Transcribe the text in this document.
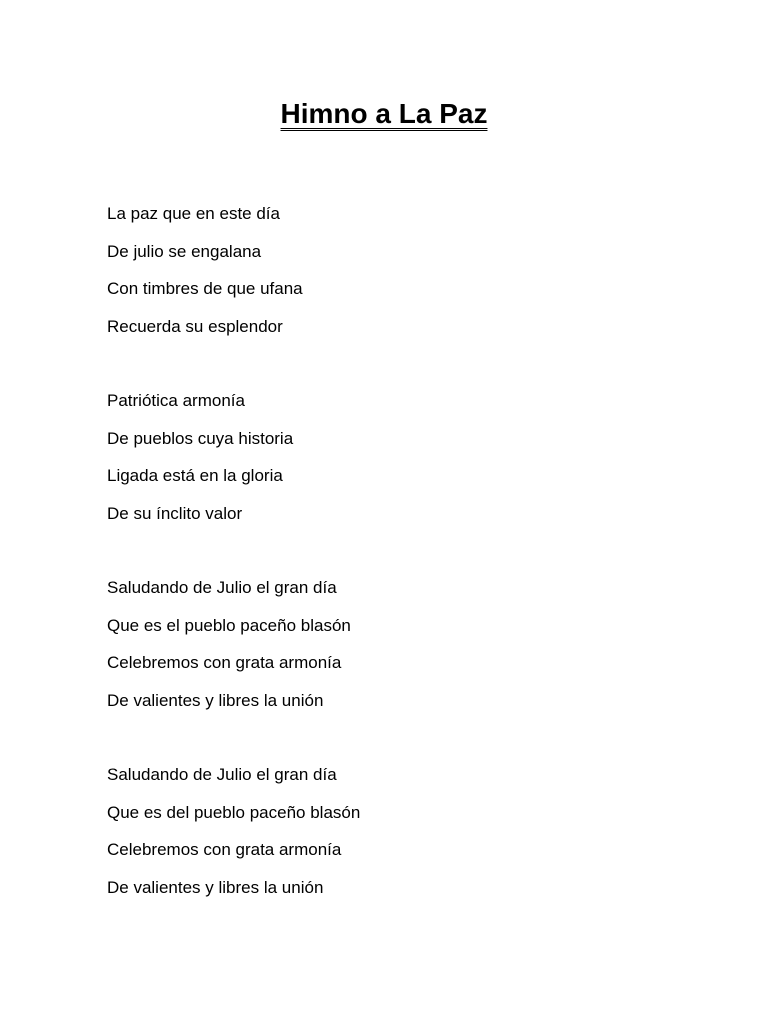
Himno a La Paz
La paz que en este día
De julio se engalana
Con timbres de que ufana
Recuerda su esplendor
Patriótica armonía
De pueblos cuya historia
Ligada está en la gloria
De su ínclito valor
Saludando de Julio el gran día
Que es el pueblo paceño blasón
Celebremos con grata armonía
De valientes y libres la unión
Saludando de Julio el gran día
Que es del pueblo paceño blasón
Celebremos con grata armonía
De valientes y libres la unión
